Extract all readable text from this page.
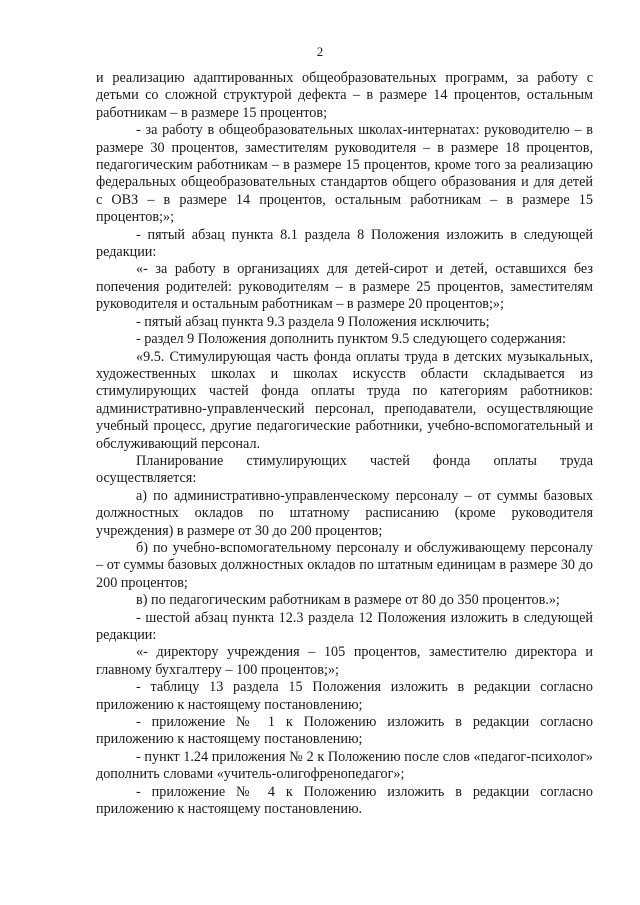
2

и реализацию адаптированных общеобразовательных программ, за работу с детьми со сложной структурой дефекта – в размере 14 процентов, остальным работникам – в размере 15 процентов;

- за работу в общеобразовательных школах-интернатах: руководителю – в размере 30 процентов, заместителям руководителя – в размере 18 процентов, педагогическим работникам – в размере 15 процентов, кроме того за реализацию федеральных общеобразовательных стандартов общего образования и для детей с ОВЗ – в размере 14 процентов, остальным работникам – в размере 15 процентов;»;

- пятый абзац пункта 8.1 раздела 8 Положения изложить в следующей редакции:

«- за работу в организациях для детей-сирот и детей, оставшихся без попечения родителей: руководителям – в размере 25 процентов, заместителям руководителя и остальным работникам – в размере 20 процентов;»;

- пятый абзац пункта 9.3 раздела 9 Положения исключить;

- раздел 9 Положения дополнить пунктом 9.5 следующего содержания:

«9.5. Стимулирующая часть фонда оплаты труда в детских музыкальных, художественных школах и школах искусств области складывается из стимулирующих частей фонда оплаты труда по категориям работников: административно-управленческий персонал, преподаватели, осуществляющие учебный процесс, другие педагогические работники, учебно-вспомогательный и обслуживающий персонал.

Планирование стимулирующих частей фонда оплаты труда осуществляется:

а) по административно-управленческому персоналу – от суммы базовых должностных окладов по штатному расписанию (кроме руководителя учреждения) в размере от 30 до 200 процентов;

б) по учебно-вспомогательному персоналу и обслуживающему персоналу – от суммы базовых должностных окладов по штатным единицам в размере 30 до 200 процентов;

в) по педагогическим работникам в размере от 80 до 350 процентов.»;

- шестой абзац пункта 12.3 раздела 12 Положения изложить в следующей редакции:

«- директору учреждения – 105 процентов, заместителю директора и главному бухгалтеру – 100 процентов;»;

- таблицу 13 раздела 15 Положения изложить в редакции согласно приложению к настоящему постановлению;

- приложение № 1 к Положению изложить в редакции согласно приложению к настоящему постановлению;

- пункт 1.24 приложения № 2 к Положению после слов «педагог-психолог» дополнить словами «учитель-олигофренопедагог»;

- приложение № 4 к Положению изложить в редакции согласно приложению к настоящему постановлению.
